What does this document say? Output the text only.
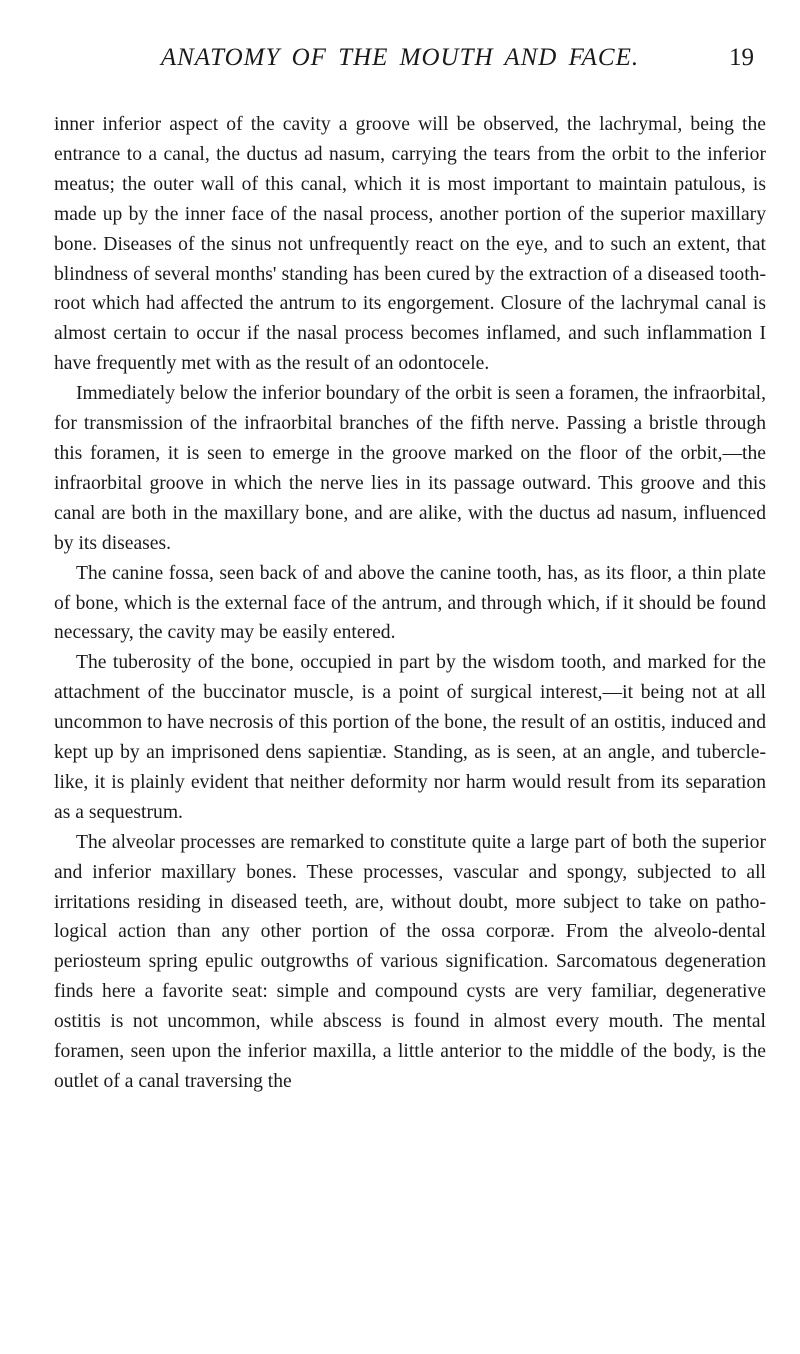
ANATOMY OF THE MOUTH AND FACE.	19

inner inferior aspect of the cavity a groove will be observed, the lachrymal, being the entrance to a canal, the ductus ad nasum, carrying the tears from the orbit to the inferior meatus; the outer wall of this canal, which it is most important to maintain patulous, is made up by the inner face of the nasal process, another portion of the superior maxillary bone. Diseases of the sinus not unfrequently react on the eye, and to such an extent, that blindness of several months' standing has been cured by the extraction of a diseased tooth-root which had affected the antrum to its engorgement. Closure of the lachrymal canal is almost certain to occur if the nasal process becomes inflamed, and such inflammation I have frequently met with as the result of an odontocele.

Immediately below the inferior boundary of the orbit is seen a foramen, the infraorbital, for transmission of the infraorbital branches of the fifth nerve. Passing a bristle through this foramen, it is seen to emerge in the groove marked on the floor of the orbit,—the infraorbital groove in which the nerve lies in its passage outward. This groove and this canal are both in the maxillary bone, and are alike, with the ductus ad nasum, influenced by its diseases.

The canine fossa, seen back of and above the canine tooth, has, as its floor, a thin plate of bone, which is the external face of the antrum, and through which, if it should be found necessary, the cavity may be easily entered.

The tuberosity of the bone, occupied in part by the wisdom tooth, and marked for the attachment of the buccinator muscle, is a point of surgical interest,—it being not at all uncommon to have necrosis of this portion of the bone, the result of an ostitis, induced and kept up by an imprisoned dens sapientiæ. Standing, as is seen, at an angle, and tubercle-like, it is plainly evident that neither deformity nor harm would result from its separation as a sequestrum.

The alveolar processes are remarked to constitute quite a large part of both the superior and inferior maxillary bones. These processes, vascular and spongy, subjected to all irritations residing in diseased teeth, are, without doubt, more subject to take on pathological action than any other portion of the ossa corporæ. From the alveolo-dental periosteum spring epulic outgrowths of various signification. Sarcomatous degeneration finds here a favorite seat: simple and compound cysts are very familiar, degenerative ostitis is not uncommon, while abscess is found in almost every mouth. The mental foramen, seen upon the inferior maxilla, a little anterior to the middle of the body, is the outlet of a canal traversing the
